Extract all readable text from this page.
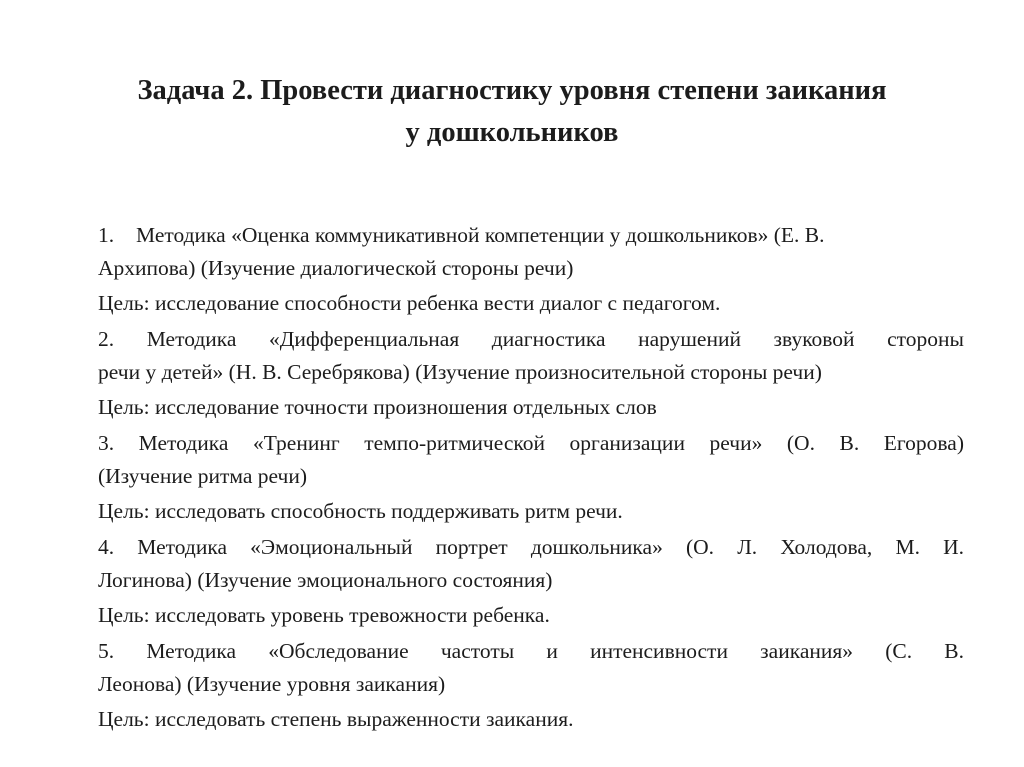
Задача 2. Провести диагностику уровня степени заикания
у дошкольников
1. Методика «Оценка коммуникативной компетенции у дошкольников» (Е. В.
Архипова) (Изучение диалогической стороны речи)
Цель: исследование способности ребенка вести диалог с педагогом.
2. Методика «Дифференциальная диагностика нарушений звуковой стороны
речи у детей» (Н. В. Серебрякова) (Изучение произносительной стороны речи)
Цель: исследование точности произношения отдельных слов
3. Методика «Тренинг темпо-ритмической организации речи» (О. В. Егорова)
(Изучение ритма речи)
Цель: исследовать способность поддерживать ритм речи.
4. Методика «Эмоциональный портрет дошкольника» (О. Л. Холодова, М. И.
Логинова) (Изучение эмоционального состояния)
Цель: исследовать уровень тревожности ребенка.
5. Методика «Обследование частоты и интенсивности заикания» (С. В.
Леонова) (Изучение уровня заикания)
Цель: исследовать степень выраженности заикания.
